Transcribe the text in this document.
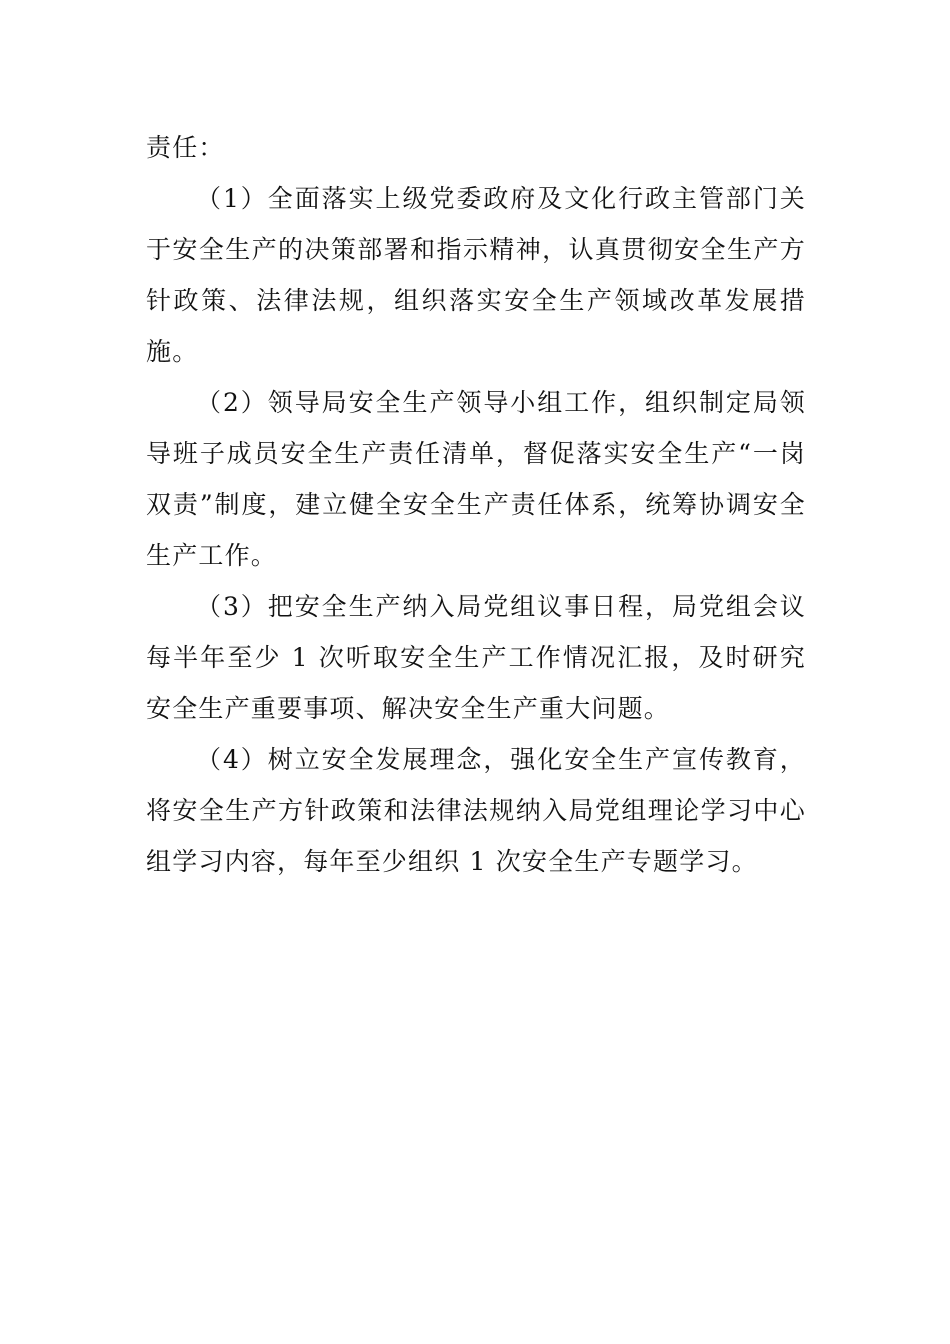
责任：

（1）全面落实上级党委政府及文化行政主管部门关于安全生产的决策部署和指示精神，认真贯彻安全生产方针政策、法律法规，组织落实安全生产领域改革发展措施。

（2）领导局安全生产领导小组工作，组织制定局领导班子成员安全生产责任清单，督促落实安全生产“一岗双责”制度，建立健全安全生产责任体系，统筹协调安全生产工作。

（3）把安全生产纳入局党组议事日程，局党组会议每半年至少 1 次听取安全生产工作情况汇报，及时研究安全生产重要事项、解决安全生产重大问题。

（4）树立安全发展理念，强化安全生产宣传教育，将安全生产方针政策和法律法规纳入局党组理论学习中心组学习内容，每年至少组织 1 次安全生产专题学习。
